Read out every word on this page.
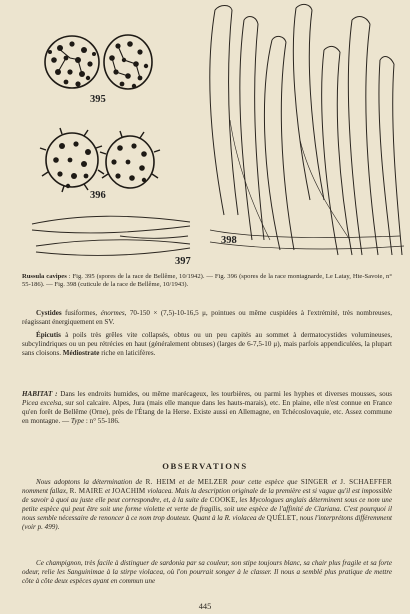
395
396
397
398
Russula cavipes : Fig. 395 (spores de la race de Bellême, 10/1942). — Fig. 396 (spores de la race montagnarde, Le Latay, Hte-Savoie, n° 55-186). — Fig. 398 (cuticule de la race de Bellême, 10/1943).
Cystides fusiformes, énormes, 70-150 × (7,5)-10-16,5 μ, pointues ou même cuspidées à l'extrémité, très nombreuses, réagissant énergiquement en SV.
Épicutis à poils très grêles vite collapsés, obtus ou un peu capités au sommet à dermatocystides volumineuses, subcylindriques ou un peu rétrécies en haut (généralement obtuses) (larges de 6-7,5-10 μ), mais parfois appendiculées, la plupart sans cloisons. Médiostrate riche en laticifères.
HABITAT : Dans les endroits humides, ou même marécageux, les tourbières, ou parmi les hyphes et diverses mousses, sous Picea excelsa, sur sol calcaire. Alpes, Jura (mais elle manque dans les hauts-marais), etc. En plaine, elle n'est connue en France qu'en forêt de Bellême (Orne), près de l'Étang de la Herse. Existe aussi en Allemagne, en Tchécoslovaquie, etc. Assez commune en montagne. — Type : n° 55-186.
OBSERVATIONS
Nous adoptons la détermination de R. HEIM et de MELZER pour cette espèce que SINGER et J. SCHAEFFER nomment fallax, R. MAIRE et JOACHIM violacea. Mais la description originale de la première est si vague qu'il est impossible de savoir à quoi au juste elle peut correspondre, et, à la suite de COOKE, les Mycologues anglais déterminent sous ce nom une petite espèce qui peut être soit une forme violette et verte de fragilis, soit une espèce de l'affinité de Clariana. C'est pourquoi il nous semble nécessaire de renoncer à ce nom trop douteux. Quant à la R. violacea de QUÉLET, nous l'interprétons différemment (voir p. 499).
Ce champignon, très facile à distinguer de sardonia par sa couleur, son stipe toujours blanc, sa chair plus fragile et sa forte odeur, relie les Sanguinimae à la stirpe violacea, où l'on pourrait songer à le classer. Il nous a semblé plus pratique de mettre côte à côte deux espèces ayant en commun une
445
